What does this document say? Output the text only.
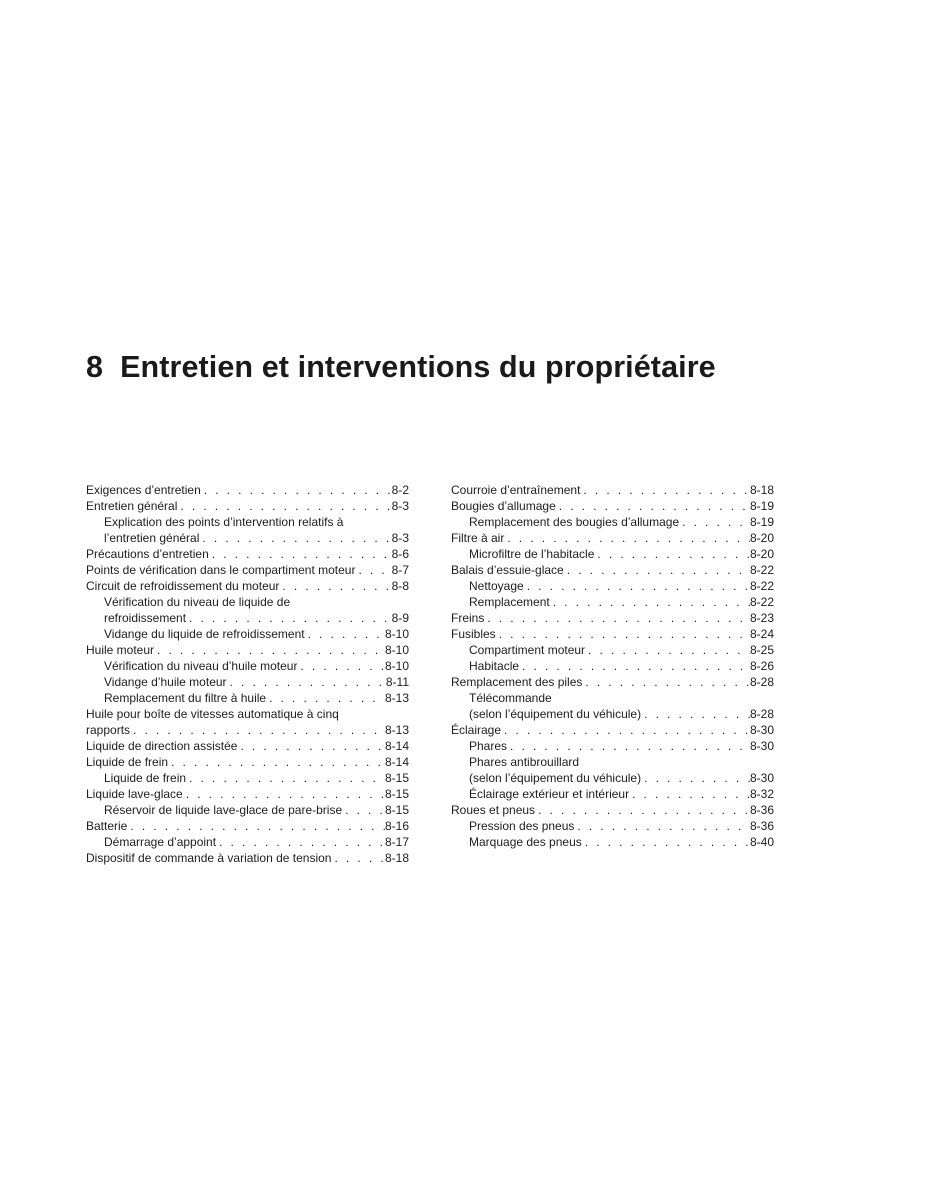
8 Entretien et interventions du propriétaire
Exigences d’entretien . . .	8-2
Entretien général . . .	8-3
Explication des points d’intervention relatifs à
l’entretien général . . .	8-3
Précautions d’entretien . . .	8-6
Points de vérification dans le compartiment moteur . . .	8-7
Circuit de refroidissement du moteur . . .	8-8
Vérification du niveau de liquide de
refroidissement . . .	8-9
Vidange du liquide de refroidissement . . .	8-10
Huile moteur . . .	8-10
Vérification du niveau d’huile moteur . . .	8-10
Vidange d’huile moteur . . .	8-11
Remplacement du filtre à huile . . .	8-13
Huile pour boîte de vitesses automatique à cinq
rapports . . .	8-13
Liquide de direction assistée . . .	8-14
Liquide de frein . . .	8-14
Liquide de frein . . .	8-15
Liquide lave-glace . . .	8-15
Réservoir de liquide lave-glace de pare-brise . . .	8-15
Batterie . . .	8-16
Démarrage d’appoint . . .	8-17
Dispositif de commande à variation de tension . . .	8-18
Courroie d’entraînement . . .	8-18
Bougies d’allumage . . .	8-19
Remplacement des bougies d’allumage . . .	8-19
Filtre à air . . .	8-20
Microfiltre de l’habitacle . . .	8-20
Balais d’essuie-glace . . .	8-22
Nettoyage . . .	8-22
Remplacement . . .	8-22
Freins . . .	8-23
Fusibles . . .	8-24
Compartiment moteur . . .	8-25
Habitacle . . .	8-26
Remplacement des piles . . .	8-28
Télécommande
(selon l’équipement du véhicule) . . .	8-28
Éclairage . . .	8-30
Phares . . .	8-30
Phares antibrouillard
(selon l’équipement du véhicule) . . .	8-30
Éclairage extérieur et intérieur . . .	8-32
Roues et pneus . . .	8-36
Pression des pneus . . .	8-36
Marquage des pneus . . .	8-40
